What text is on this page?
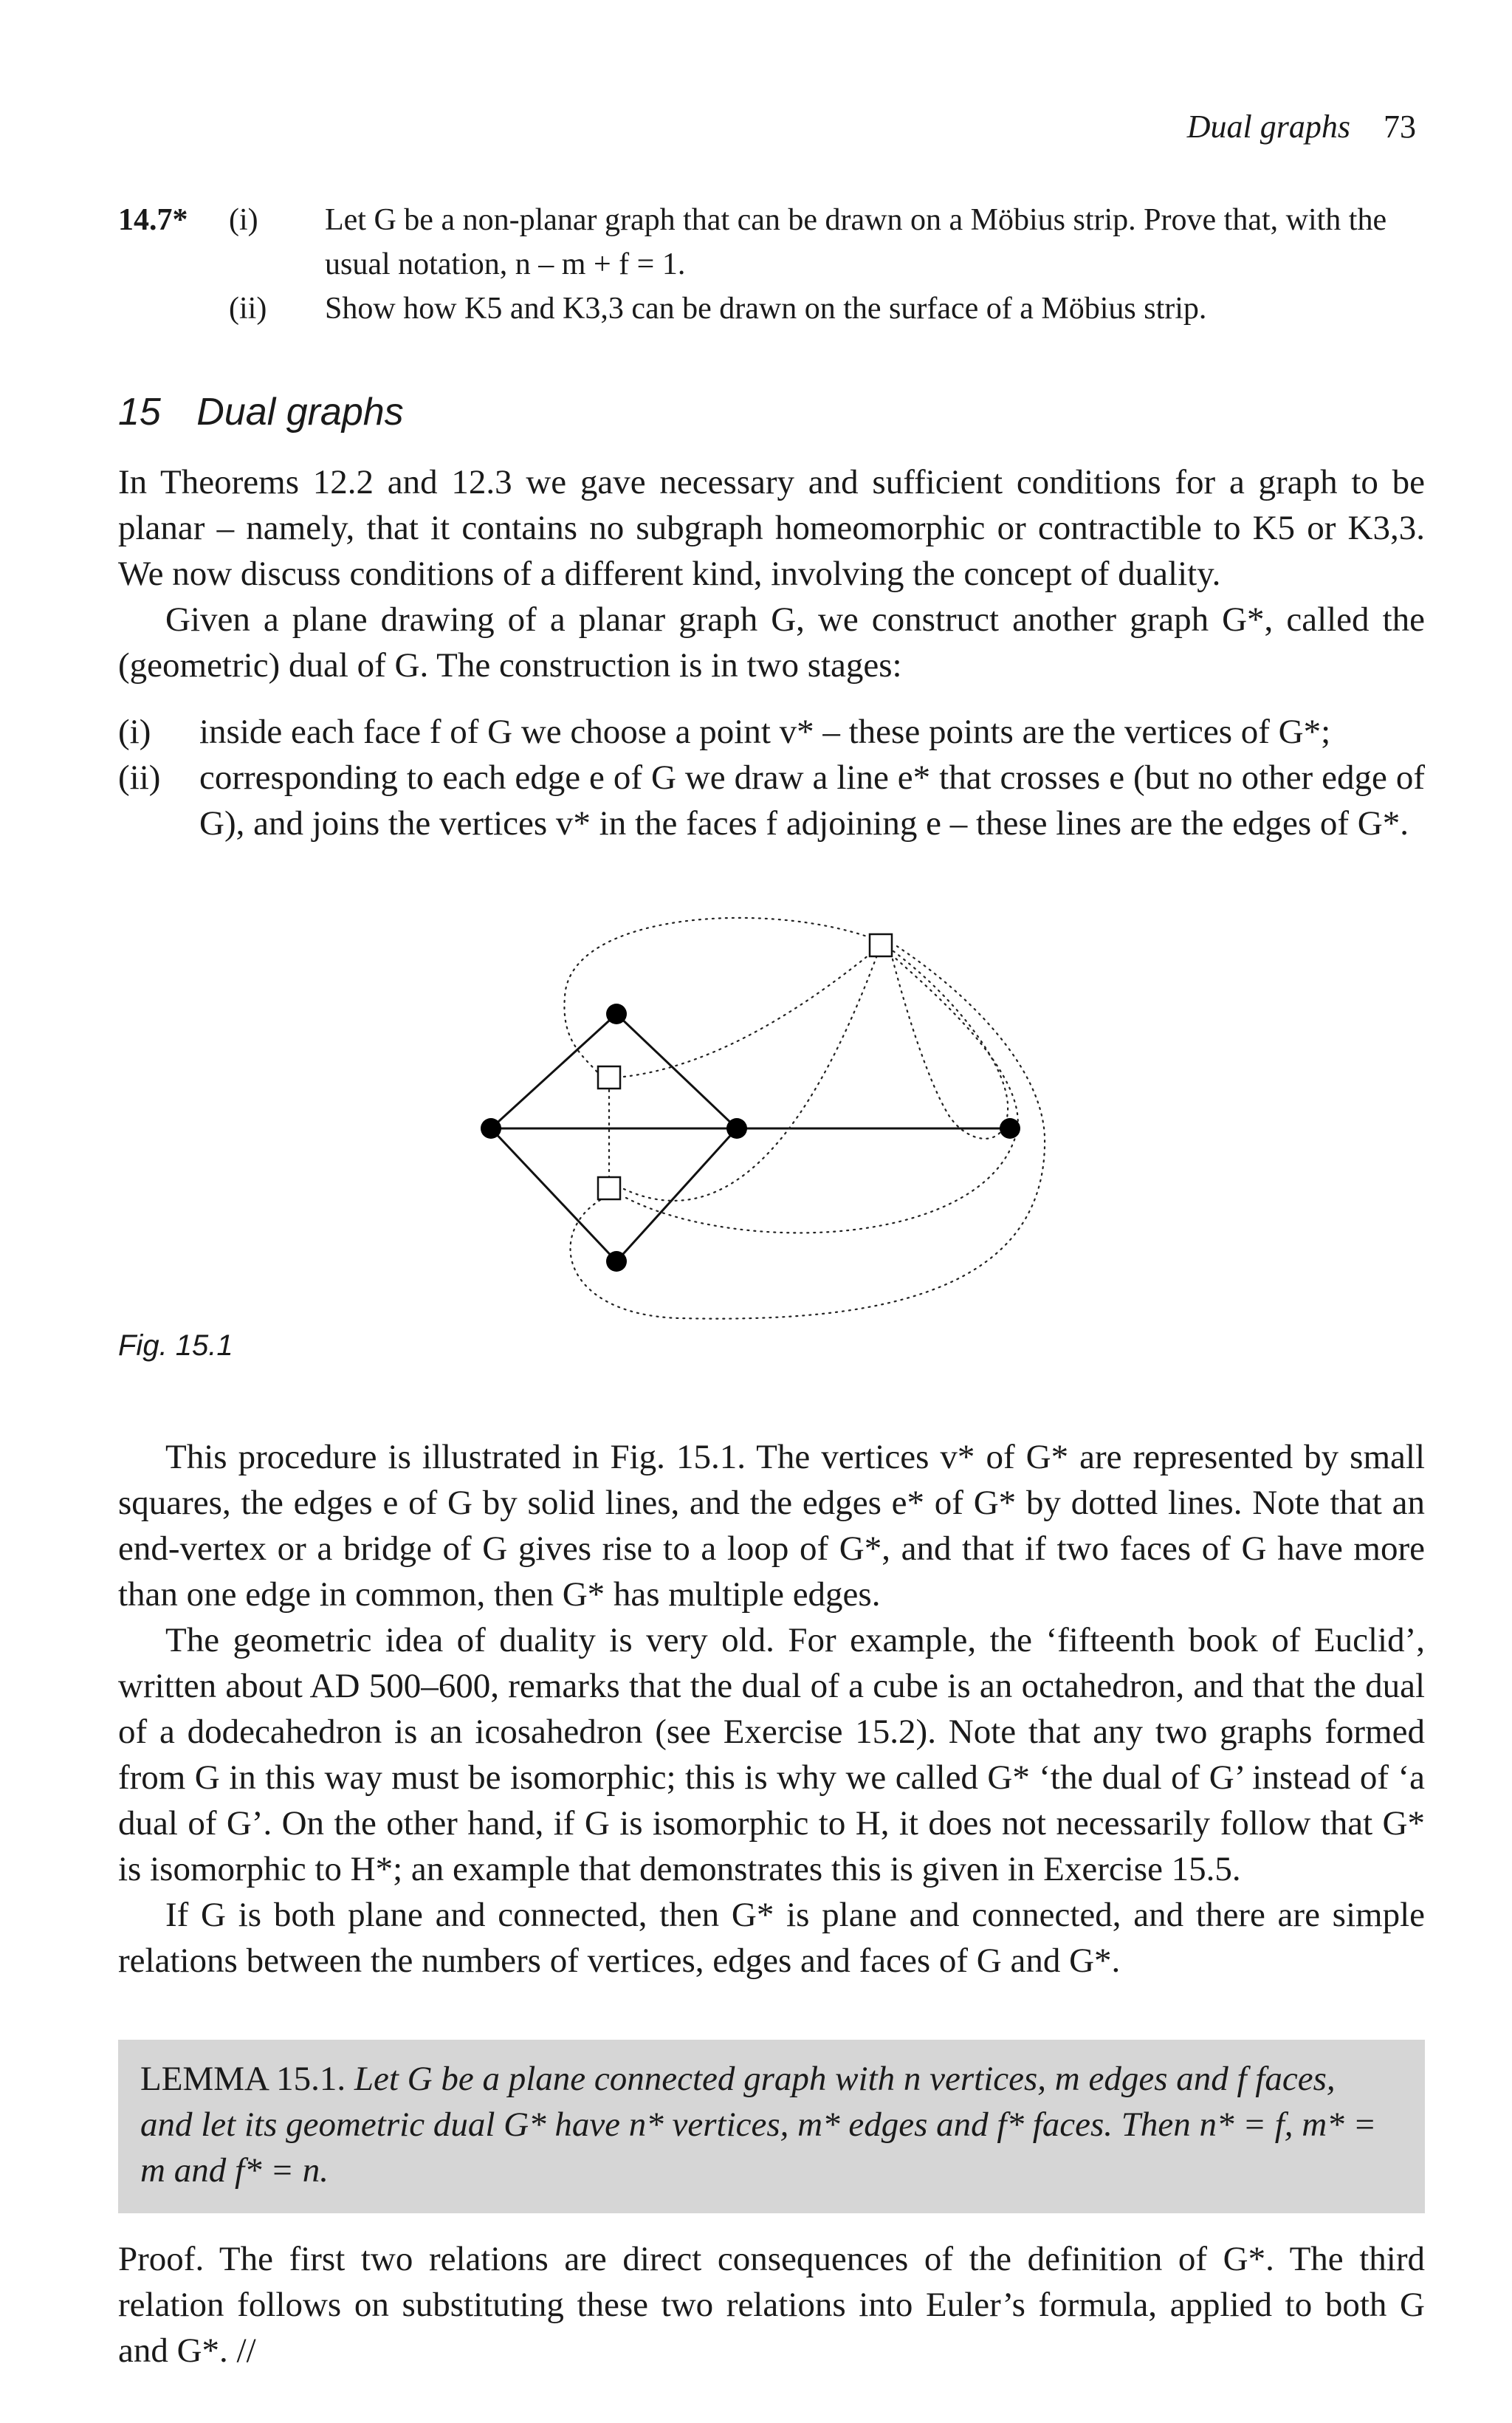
Dual graphs 73
14.7* (i) Let G be a non-planar graph that can be drawn on a Möbius strip. Prove that, with the usual notation, n – m + f = 1.
(ii) Show how K5 and K3,3 can be drawn on the surface of a Möbius strip.
15 Dual graphs

In Theorems 12.2 and 12.3 we gave necessary and sufficient conditions for a graph to be planar – namely, that it contains no subgraph homeomorphic or contractible to K5 or K3,3. We now discuss conditions of a different kind, involving the concept of duality.

Given a plane drawing of a planar graph G, we construct another graph G*, called the (geometric) dual of G. The construction is in two stages:

(i) inside each face f of G we choose a point v* – these points are the vertices of G*;
(ii) corresponding to each edge e of G we draw a line e* that crosses e (but no other edge of G), and joins the vertices v* in the faces f adjoining e – these lines are the edges of G*.
Fig. 15.1

This procedure is illustrated in Fig. 15.1. The vertices v* of G* are represented by small squares, the edges e of G by solid lines, and the edges e* of G* by dotted lines. Note that an end-vertex or a bridge of G gives rise to a loop of G*, and that if two faces of G have more than one edge in common, then G* has multiple edges.

The geometric idea of duality is very old. For example, the ‘fifteenth book of Euclid’, written about AD 500–600, remarks that the dual of a cube is an octahedron, and that the dual of a dodecahedron is an icosahedron (see Exercise 15.2). Note that any two graphs formed from G in this way must be isomorphic; this is why we called G* ‘the dual of G’ instead of ‘a dual of G’. On the other hand, if G is isomorphic to H, it does not necessarily follow that G* is isomorphic to H*; an example that demonstrates this is given in Exercise 15.5.

If G is both plane and connected, then G* is plane and connected, and there are simple relations between the numbers of vertices, edges and faces of G and G*.

LEMMA 15.1. Let G be a plane connected graph with n vertices, m edges and f faces, and let its geometric dual G* have n* vertices, m* edges and f* faces. Then n* = f, m* = m and f* = n.

Proof. The first two relations are direct consequences of the definition of G*. The third relation follows on substituting these two relations into Euler’s formula, applied to both G and G*. //
